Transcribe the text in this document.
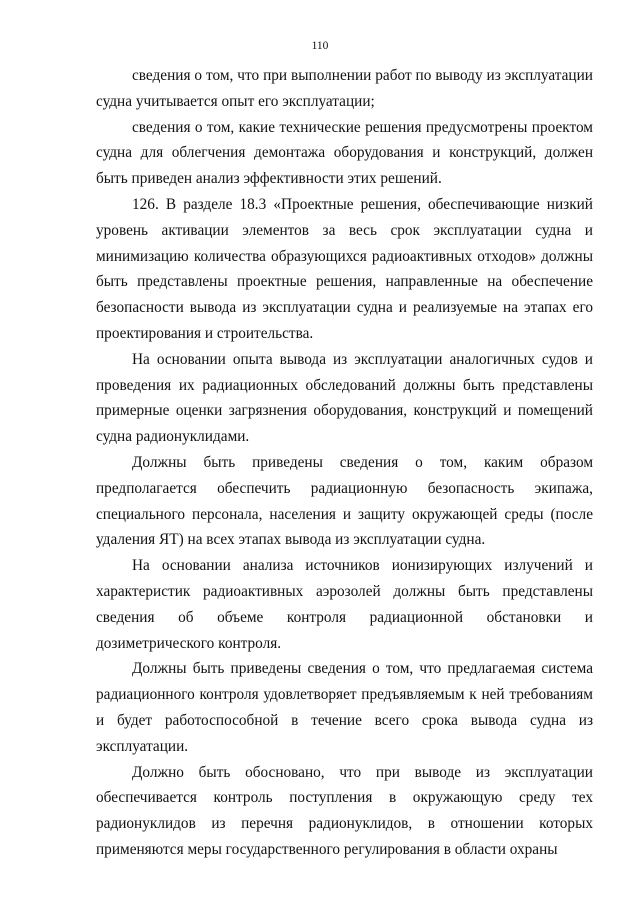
110

сведения о том, что при выполнении работ по выводу из эксплуатации судна учитывается опыт его эксплуатации;

сведения о том, какие технические решения предусмотрены проектом судна для облегчения демонтажа оборудования и конструкций, должен быть приведен анализ эффективности этих решений.

126. В разделе 18.3 «Проектные решения, обеспечивающие низкий уровень активации элементов за весь срок эксплуатации судна и минимизацию количества образующихся радиоактивных отходов» должны быть представлены проектные решения, направленные на обеспечение безопасности вывода из эксплуатации судна и реализуемые на этапах его проектирования и строительства.

На основании опыта вывода из эксплуатации аналогичных судов и проведения их радиационных обследований должны быть представлены примерные оценки загрязнения оборудования, конструкций и помещений судна радионуклидами.

Должны быть приведены сведения о том, каким образом предполагается обеспечить радиационную безопасность экипажа, специального персонала, населения и защиту окружающей среды (после удаления ЯТ) на всех этапах вывода из эксплуатации судна.

На основании анализа источников ионизирующих излучений и характеристик радиоактивных аэрозолей должны быть представлены сведения об объеме контроля радиационной обстановки и дозиметрического контроля.

Должны быть приведены сведения о том, что предлагаемая система радиационного контроля удовлетворяет предъявляемым к ней требованиям и будет работоспособной в течение всего срока вывода судна из эксплуатации.

Должно быть обосновано, что при выводе из эксплуатации обеспечивается контроль поступления в окружающую среду тех радионуклидов из перечня радионуклидов, в отношении которых применяются меры государственного регулирования в области охраны
